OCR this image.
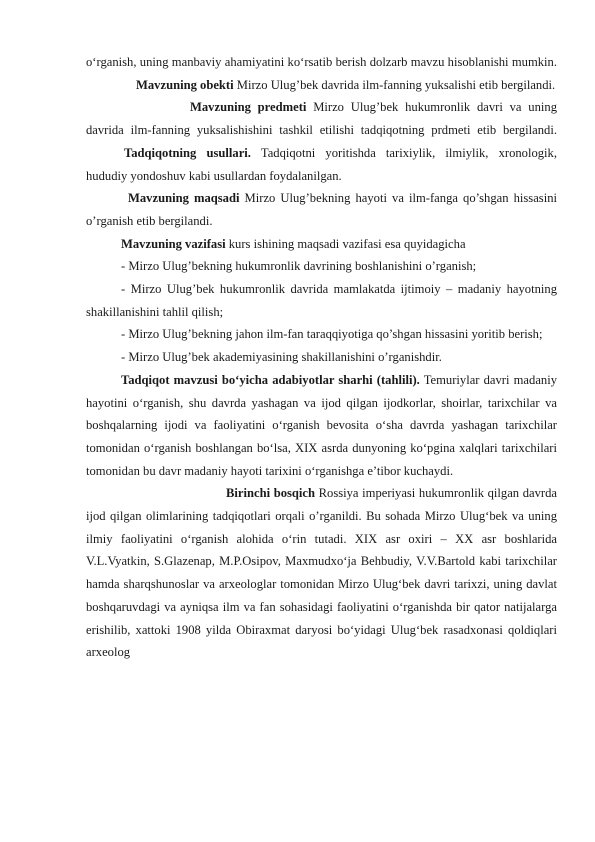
o‘rganish, uning manbaviy ahamiyatini ko‘rsatib berish dolzarb mavzu hisoblanishi mumkin.Mavzuning obekti Mirzo Ulug’bek davrida ilm-fanning yuksalishi etib bergilandi.

Mavzuning predmeti Mirzo Ulug’bek hukumronlik davri va uning davrida ilm-fanning yuksalishishini tashkil etilishi tadqiqotning prdmeti etib bergilandi.Tadqiqotning usullari. Tadqiqotni yoritishda tarixiylik, ilmiylik, xronologik, hududiy yondoshuv kabi usullardan foydalanilgan.

Mavzuning maqsadi Mirzo Ulug’bekning hayoti va ilm-fanga qo’shgan hissasini o’rganish etib bergilandi.

Mavzuning vazifasi kurs ishining maqsadi vazifasi esa quyidagicha

- Mirzo Ulug’bekning hukumronlik davrining boshlanishini o’rganish;

- Mirzo Ulug’bek hukumronlik davrida mamlakatda ijtimoiy – madaniy hayotning shakillanishini tahlil qilish;

- Mirzo Ulug’bekning jahon ilm-fan taraqqiyotiga qo’shgan hissasini yoritib berish;

- Mirzo Ulug’bek akademiyasining shakillanishini o’rganishdir.

Tadqiqot mavzusi bo‘yicha adabiyotlar sharhi (tahlili). Temuriylar davri madaniy hayotini o‘rganish, shu davrda yashagan va ijod qilgan ijodkorlar, shoirlar, tarixchilar va boshqalarning ijodi va faoliyatini o‘rganish bevosita o‘sha davrda yashagan tarixchilar tomonidan o‘rganish boshlangan bo‘lsa, XIX asrda dunyoning ko‘pgina xalqlari tarixchilari tomonidan bu davr madaniy hayoti tarixini o‘rganishga e’tibor kuchaydi.

Birinchi bosqich Rossiya imperiyasi hukumronlik qilgan davrda ijod qilgan olimlarining tadqiqotlari orqali o’rganildi. Bu sohada Mirzo Ulug‘bek va uning ilmiy faoliyatini o‘rganish alohida o‘rin tutadi. XIX asr oxiri – XX asr boshlarida V.L.Vyatkin, S.Glazenap, M.P.Osipov, Maxmudxo‘ja Behbudiy, V.V.Bartold kabi tarixchilar hamda sharqshunoslar va arxeologlar tomonidan Mirzo Ulug‘bek davri tarixzi, uning davlat boshqaruvdagi va ayniqsa ilm va fan sohasidagi faoliyatini o‘rganishda bir qator natijalarga erishilib, xattoki 1908 yilda Obiraxmat daryosi bo‘yidagi Ulug‘bek rasadxonasi qoldiqlari arxeolog
